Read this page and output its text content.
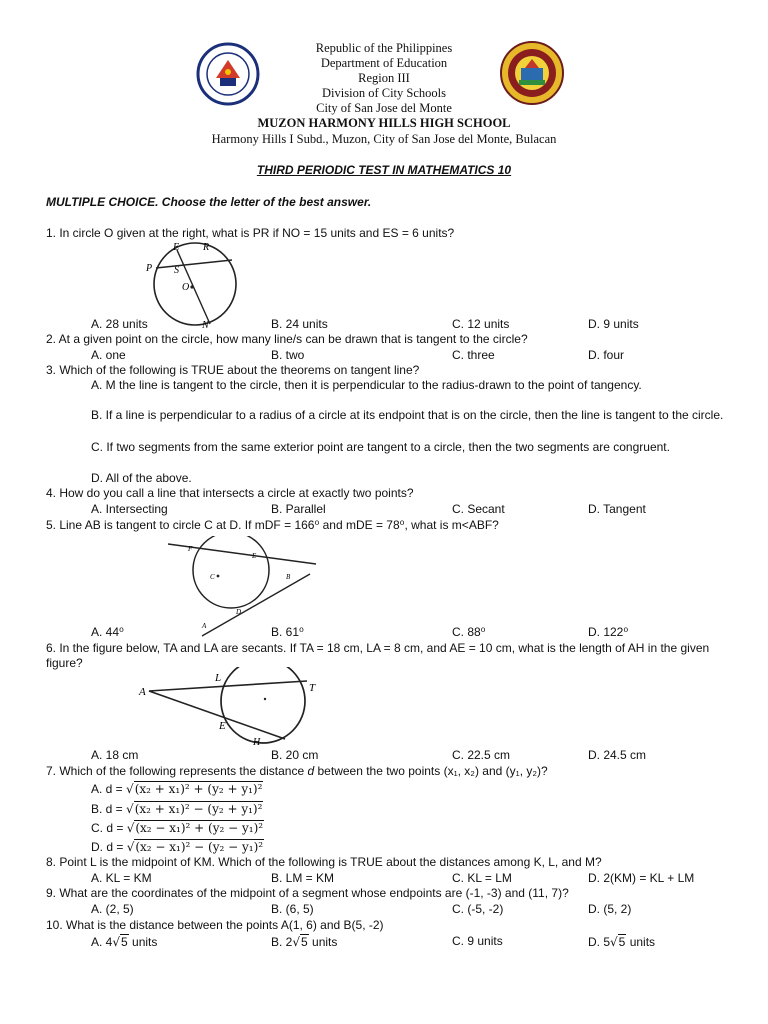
Republic of the Philippines
Department of Education
Region III
Division of City Schools
City of San Jose del Monte
MUZON HARMONY HILLS HIGH SCHOOL
Harmony Hills I Subd., Muzon, City of San Jose del Monte, Bulacan
THIRD PERIODIC TEST IN MATHEMATICS 10
MULTIPLE CHOICE. Choose the letter of the best answer.
1. In circle O given at the right, what is PR if NO = 15 units and ES = 6 units?
E R
P S
O
N
A. 28 units	B. 24 units	C. 12 units	D. 9 units
2. At a given point on the circle, how many line/s can be drawn that is tangent to the circle?
A. one	B. two	C. three	D. four
3. Which of the following is TRUE about the theorems on tangent line?
A. M the line is tangent to the circle, then it is perpendicular to the radius-drawn to the point of tangency.
B. If a line is perpendicular to a radius of a circle at its endpoint that is on the circle, then the line is tangent to the circle.
C. If two segments from the same exterior point are tangent to a circle, then the two segments are congruent.
D. All of the above.
4. How do you call a line that intersects a circle at exactly two points?
A. Intersecting	B. Parallel	C. Secant	D. Tangent
5. Line AB is tangent to circle C at D. If mDF = 166⁰ and mDE = 78⁰, what is m<ABF?
F
E
B
C
D
A
A. 44⁰	B. 61⁰	C. 88⁰	D. 122⁰
6. In the figure below, TA and LA are secants. If TA = 18 cm, LA = 8 cm, and AE = 10 cm, what is the length of AH in the given figure?
A
L
T
E
H
A. 18 cm	B. 20 cm	C. 22.5 cm	D. 24.5 cm
7. Which of the following represents the distance d between the two points (x₁, x₂) and (y₁, y₂)?
A. d = √(x₂ + x₁)² + (y₂ + y₁)²
B. d = √(x₂ + x₁)² − (y₂ + y₁)²
C. d = √(x₂ − x₁)² + (y₂ − y₁)²
D. d = √(x₂ − x₁)² − (y₂ − y₁)²
8. Point L is the midpoint of KM. Which of the following is TRUE about the distances among K, L, and M?
A. KL = KM	B. LM = KM	C. KL = LM	D. 2(KM) = KL + LM
9. What are the coordinates of the midpoint of a segment whose endpoints are (-1, -3) and (11, 7)?
A. (2, 5)	B. (6, 5)	C. (-5, -2)	D. (5, 2)
10. What is the distance between the points A(1, 6) and B(5, -2)
A. 4√5 units	B. 2√5 units	C. 9 units	D. 5√5 units
